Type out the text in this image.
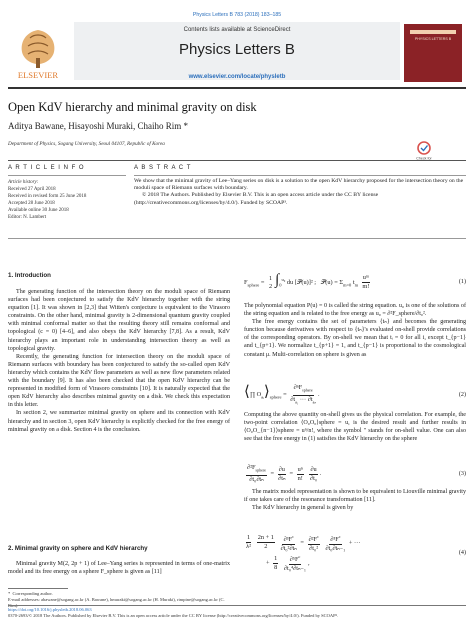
Physics Letters B 783 (2018) 183–185
Contents lists available at ScienceDirect
Physics Letters B
www.elsevier.com/locate/physletb
ELSEVIER
PHYSICS LETTERS B
Open KdV hierarchy and minimal gravity on disk
Aditya Bawane, Hisayoshi Muraki, Chaiho Rim *
Department of Physics, Sogang University, Seoul 04107, Republic of Korea
Check for
A R T I C L E I N F O	A B S T R A C T
Article history:
Received 27 April 2018
Received in revised form 25 June 2018
Accepted 28 June 2018
Available online 30 June 2018
Editor: N. Lambert
We show that the minimal gravity of Lee–Yang series on disk is a solution to the open KdV hierarchy proposed for the intersection theory on the moduli space of Riemann surfaces with boundary.
© 2018 The Authors. Published by Elsevier B.V. This is an open access article under the CC BY license (http://creativecommons.org/licenses/by/4.0/). Funded by SCOAP³.
1. Introduction

The generating function of the intersection theory on the moduli space of Riemann surfaces had been conjectured to satisfy the KdV hierarchy together with the string equation [1]. It was shown in [2,3] that Witten's conjecture is equivalent to the Virasoro constraints. On the other hand, minimal gravity is 2-dimensional quantum gravity coupled with minimal conformal matter so that the resulting theory still remains conformal and topological (c = 0) [4–6], and also obeys the KdV hierarchy [7,8]. As a result, KdV hierarchy plays an important role in understanding intersection theory as well as topological gravity.

Recently, the generating function for intersection theory on the moduli space of Riemann surfaces with boundary has been conjectured to satisfy the so-called open KdV hierarchy which contains the KdV flow parameters as well as new flow parameters related with the boundary [9]. It has also been checked that the open KdV hierarchy can be represented in modified form of Virasoro constraints [10]. It is naturally expected that the open KdV hierarchy also describes minimal gravity on a disk. We check this expectation in this letter.

In section 2, we summarize minimal gravity on sphere and its connection with KdV hierarchy and in section 3, open KdV hierarchy is explicitly checked for the free energy of minimal gravity on a disk. Section 4 is the conclusion.

2. Minimal gravity on sphere and KdV hierarchy

Minimal gravity M(2, 2p + 1) of Lee–Yang series is represented in terms of one-matrix model and its free energy on a sphere F_sphere is given as [11]

* Corresponding author.
E-mail addresses: abawane@sogang.ac.kr (A. Bawane), hmuraki@sogang.ac.kr (H. Muraki), rimpine@sogang.ac.kr (C.
$F_{sphere}$ =
1
2 $\int_0^{u_0}$ du [𝒫(u)]² ;   𝒫(u) = $\Sigma_{m=0}$ $t_m \frac{\text{uᵐ}}{m!}$	(1)

The polynomial equation P(u) = 0 is called the string equation. u₀ is one of the solutions of the string equation and is related to the free energy as u₀ = ∂²F_sphere/∂t₀².

The free energy contains the set of parameters {tₙ} and becomes the generating function because derivatives with respect to {tₙ}'s evaluated on-shell provide correlations of the corresponding operators. By on-shell we mean that tᵢ = 0 for all i, except t_{p−1} and t_{p+1}. We normalize t_{p+1} = 1, and t_{p−1} is proportional to the cosmological constant μ. Multi-correlation on sphere is given as

⟨∏ $O_{aᵢ}⟩_{sphere} = \frac{\partial^nF_{sphere}}{\partial t_{a_1} \cdot\cdot\cdot \partial t_{a_n}}$ .	(2)

Computing the above quantity on-shell gives us the physical correlation. For example, the two-point correlation ⟨O₀O₀⟩sphere = u, is the desired result and further results in ⟨O₀O_{n−1}⟩sphere = uⁿ/n!, where the symbol " stands for on-shell value. One can also see that the free energy in (1) satisfies the KdV hierarchy on the sphere

$\frac{\partial^2F_{sphere}}{\text{∂t₀∂tₙ}} = \frac{\partial u}{\text{∂tₙ}} = \frac{\text{uⁿ}}{n!}$
$\frac{\partial u}{\text{∂t₀}}$ .	(3)

The matrix model representation is shown to be equivalent to Liouville minimal gravity if one takes care of the resonance transformation [11].

The KdV hierarchy in general is given by

$\frac{1}{\text{λ²}}$
$\frac{2n + 1}{2}$
$\frac{\partial^3F^c}{\text{∂t₀²∂tₙ}} = \frac{\partial^2F^c}{\text{∂t₀²}}$
$\frac{\partial^3F^c}{\text{∂t₀∂tₙ₋₁}}$ + ···
+ $\frac{1}{8}$
$\frac{\partial^5F^c}{\text{∂t₀⁴∂tₙ₋₁}}$ ,
(4)
https://doi.org/10.1016/j.physletb.2018.06.063
0370-2693/© 2018 The Authors. Published by Elsevier B.V. This is an open access article under the CC BY license (http://creativecommons.org/licenses/by/4.0/). Funded by SCOAP³.
